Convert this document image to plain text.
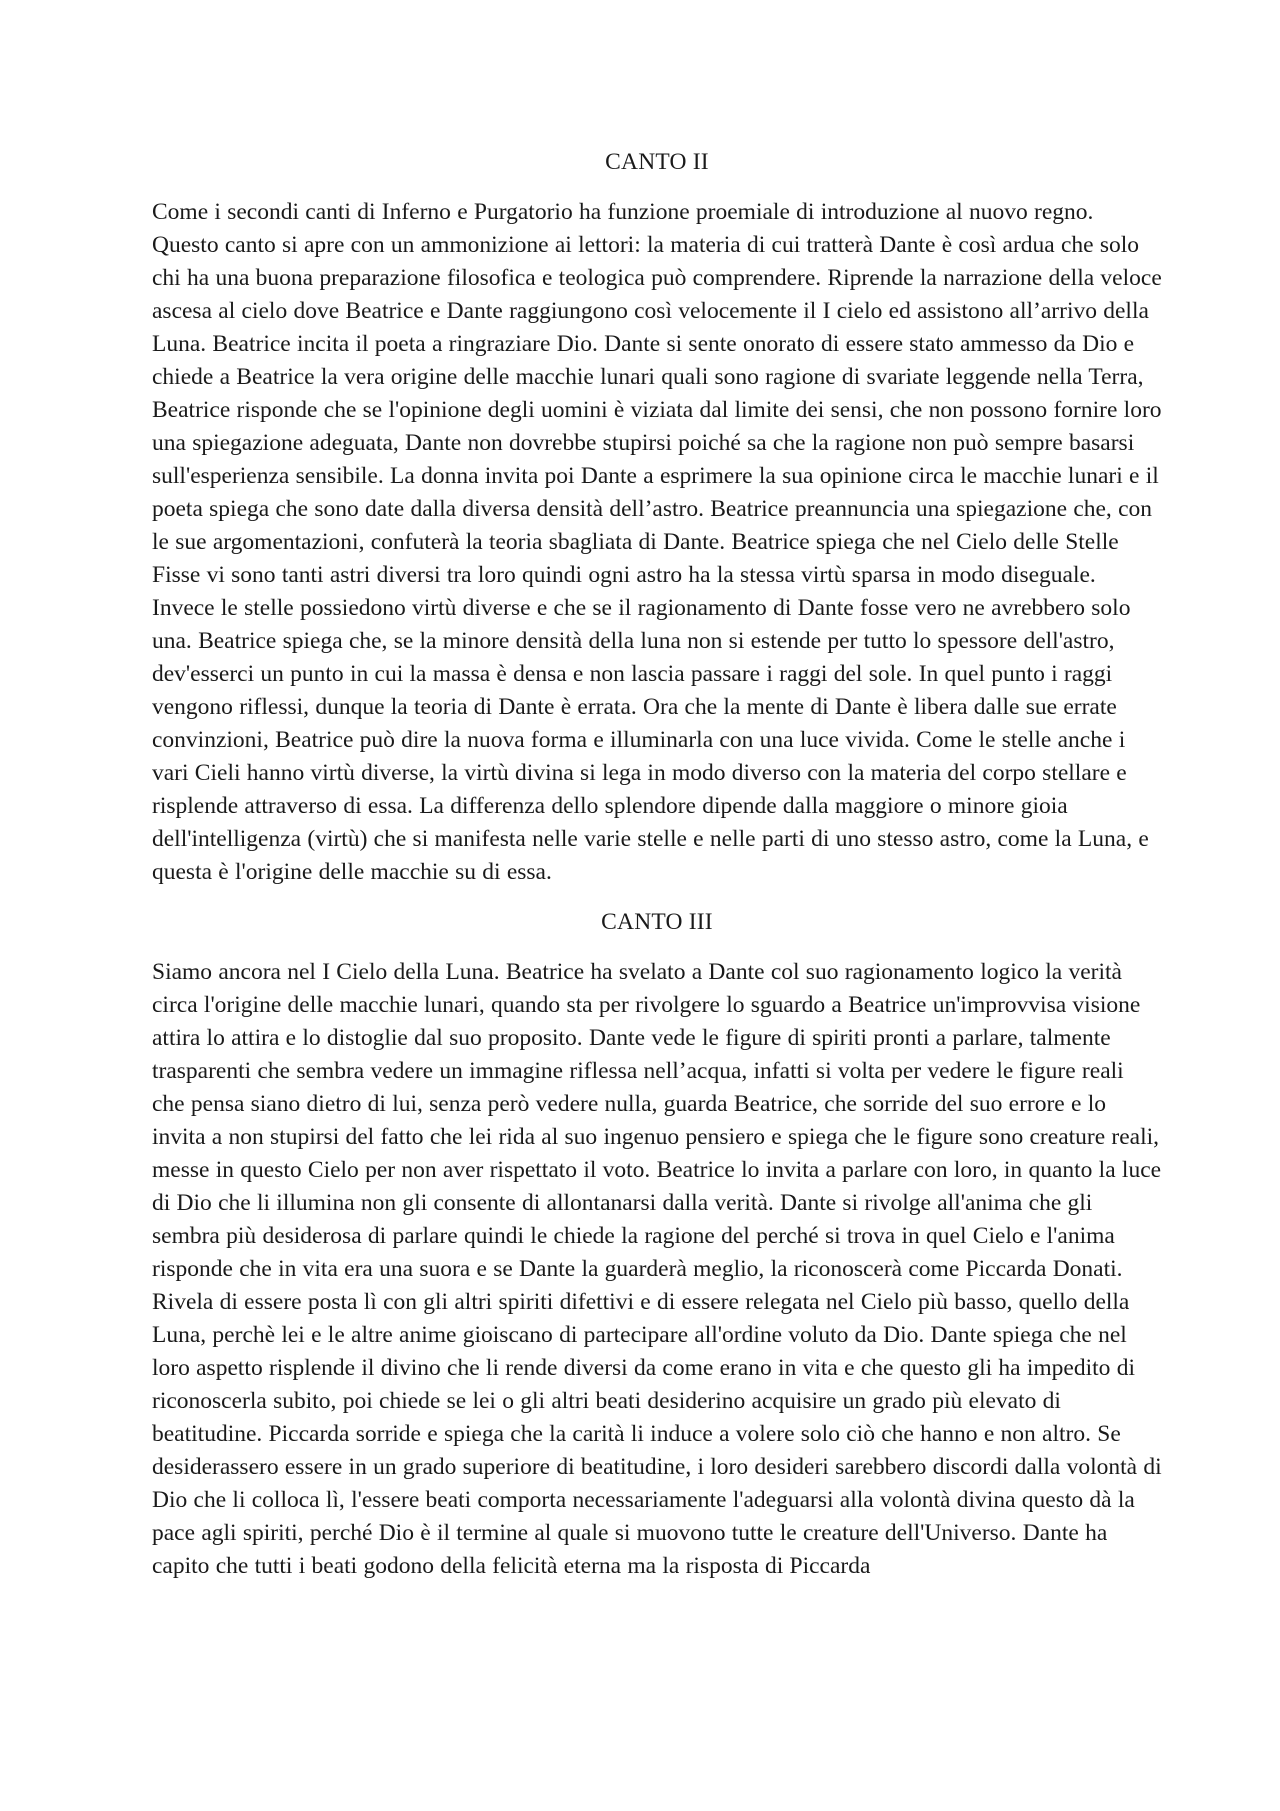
CANTO II

Come i secondi canti di Inferno e Purgatorio ha funzione proemiale di introduzione al nuovo regno. Questo canto si apre con un ammonizione ai lettori: la materia di cui tratterà Dante è così ardua che solo chi ha una buona preparazione filosofica e teologica può comprendere. Riprende la narrazione della veloce ascesa al cielo dove Beatrice e Dante raggiungono così velocemente il I cielo ed assistono all’arrivo della Luna. Beatrice incita il poeta a ringraziare Dio. Dante si sente onorato di essere stato ammesso da Dio e chiede a Beatrice la vera origine delle macchie lunari quali sono ragione di svariate leggende nella Terra, Beatrice risponde che se l'opinione degli uomini è viziata dal limite dei sensi, che non possono fornire loro una spiegazione adeguata, Dante non dovrebbe stupirsi poiché sa che la ragione non può sempre basarsi sull'esperienza sensibile. La donna invita poi Dante a esprimere la sua opinione circa le macchie lunari e il poeta spiega che sono date dalla diversa densità dell’astro. Beatrice preannuncia una spiegazione che, con le sue argomentazioni, confuterà la teoria sbagliata di Dante. Beatrice spiega che nel Cielo delle Stelle Fisse vi sono tanti astri diversi tra loro quindi ogni astro ha la stessa virtù sparsa in modo diseguale. Invece le stelle possiedono virtù diverse e che se il ragionamento di Dante fosse vero ne avrebbero solo una. Beatrice spiega che, se la minore densità della luna non si estende per tutto lo spessore dell'astro, dev'esserci un punto in cui la massa è densa e non lascia passare i raggi del sole. In quel punto i raggi vengono riflessi, dunque la teoria di Dante è errata. Ora che la mente di Dante è libera dalle sue errate convinzioni, Beatrice può dire la nuova forma e illuminarla con una luce vivida. Come le stelle anche i vari Cieli hanno virtù diverse, la virtù divina si lega in modo diverso con la materia del corpo stellare e risplende attraverso di essa. La differenza dello splendore dipende dalla maggiore o minore gioia dell'intelligenza (virtù) che si manifesta nelle varie stelle e nelle parti di uno stesso astro, come la Luna, e questa è l'origine delle macchie su di essa.

CANTO III

Siamo ancora nel I Cielo della Luna. Beatrice ha svelato a Dante col suo ragionamento logico la verità circa l'origine delle macchie lunari, quando sta per rivolgere lo sguardo a Beatrice un'improvvisa visione attira lo attira e lo distoglie dal suo proposito. Dante vede le figure di spiriti pronti a parlare, talmente trasparenti che sembra vedere un immagine riflessa nell’acqua, infatti si volta per vedere le figure reali che pensa siano dietro di lui, senza però vedere nulla, guarda Beatrice, che sorride del suo errore e lo invita a non stupirsi del fatto che lei rida al suo ingenuo pensiero e spiega che le figure sono creature reali, messe in questo Cielo per non aver rispettato il voto. Beatrice lo invita a parlare con loro, in quanto la luce di Dio che li illumina non gli consente di allontanarsi dalla verità. Dante si rivolge all'anima che gli sembra più desiderosa di parlare quindi le chiede la ragione del perché si trova in quel Cielo e l'anima risponde che in vita era una suora e se Dante la guarderà meglio, la riconoscerà come Piccarda Donati. Rivela di essere posta lì con gli altri spiriti difettivi e di essere relegata nel Cielo più basso, quello della Luna, perchè lei e le altre anime gioiscano di partecipare all'ordine voluto da Dio. Dante spiega che nel loro aspetto risplende il divino che li rende diversi da come erano in vita e che questo gli ha impedito di riconoscerla subito, poi chiede se lei o gli altri beati desiderino acquisire un grado più elevato di beatitudine. Piccarda sorride e spiega che la carità li induce a volere solo ciò che hanno e non altro. Se desiderassero essere in un grado superiore di beatitudine, i loro desideri sarebbero discordi dalla volontà di Dio che li colloca lì, l'essere beati comporta necessariamente l'adeguarsi alla volontà divina questo dà la pace agli spiriti, perché Dio è il termine al quale si muovono tutte le creature dell'Universo. Dante ha capito che tutti i beati godono della felicità eterna ma la risposta di Piccarda
